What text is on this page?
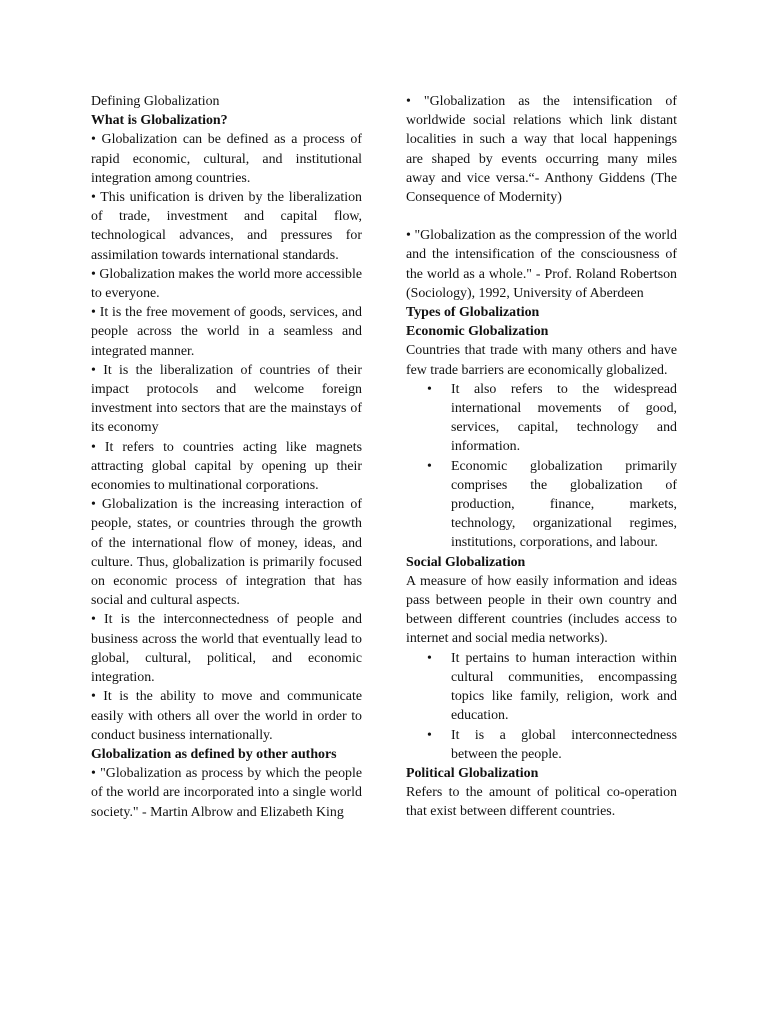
Defining Globalization

What is Globalization?

• Globalization can be defined as a process of rapid economic, cultural, and institutional integration among countries.

• This unification is driven by the liberalization of trade, investment and capital flow, technological advances, and pressures for assimilation towards international standards.

• Globalization makes the world more accessible to everyone.

• It is the free movement of goods, services, and people across the world in a seamless and integrated manner.

• It is the liberalization of countries of their impact protocols and welcome foreign investment into sectors that are the mainstays of its economy

• It refers to countries acting like magnets attracting global capital by opening up their economies to multinational corporations.

• Globalization is the increasing interaction of people, states, or countries through the growth of the international flow of money, ideas, and culture. Thus, globalization is primarily focused on economic process of integration that has social and cultural aspects.

• It is the interconnectedness of people and business across the world that eventually lead to global, cultural, political, and economic integration.

• It is the ability to move and communicate easily with others all over the world in order to conduct business internationally.

Globalization as defined by other authors

• "Globalization as process by which the people of the world are incorporated into a single world society." - Martin Albrow and Elizabeth King

• "Globalization as the intensification of worldwide social relations which link distant localities in such a way that local happenings are shaped by events occurring many miles away and vice versa.“- Anthony Giddens (The Consequence of Modernity)

• "Globalization as the compression of the world and the intensification of the consciousness of the world as a whole." - Prof. Roland Robertson (Sociology), 1992, University of Aberdeen

Types of Globalization

Economic Globalization

Countries that trade with many others and have few trade barriers are economically globalized.

• It also refers to the widespread international movements of good, services, capital, technology and information.
• Economic globalization primarily comprises the globalization of production, finance, markets, technology, organizational regimes, institutions, corporations, and labour.

Social Globalization

A measure of how easily information and ideas pass between people in their own country and between different countries (includes access to internet and social media networks).

• It pertains to human interaction within cultural communities, encompassing topics like family, religion, work and education.
• It is a global interconnectedness between the people.

Political Globalization

Refers to the amount of political co-operation that exist between different countries.
